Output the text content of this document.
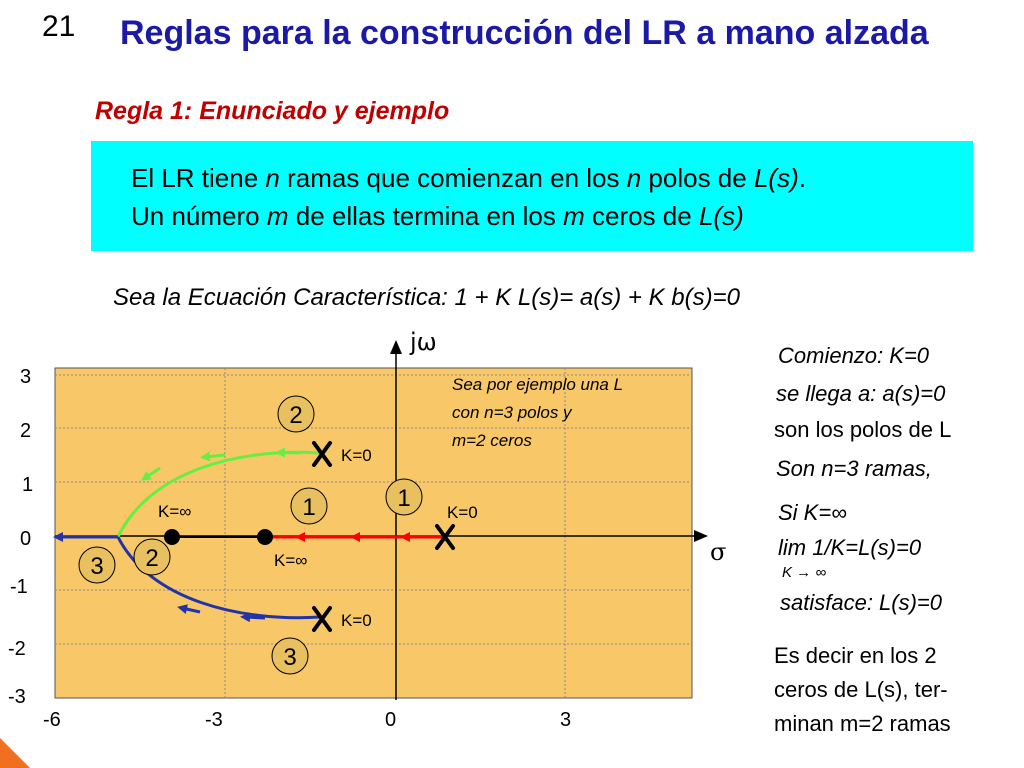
21 Reglas para la construcción del LR a mano alzada
Regla 1: Enunciado y ejemplo
El LR tiene n ramas que comienzan en los n polos de L(s).
Un número m de ellas termina en los m ceros de L(s)
Sea la Ecuación Característica: 1 + K L(s)= a(s) + K b(s)=0
jω
σ
3
2
1
0
-1
-2
-3
-6	-3	0	3
Sea por ejemplo una L
con n=3 polos y
m=2 ceros
K=0
K=0
K=0
K=∞
K=∞
1
1
2
2
3
3
Comienzo: K=0
se llega a: a(s)=0
son los polos de L
Son n=3 ramas,
Si K=∞
lim 1/K=L(s)=0
K → ∞
satisface: L(s)=0
Es decir en los 2
ceros de L(s), ter-
minan m=2 ramas
